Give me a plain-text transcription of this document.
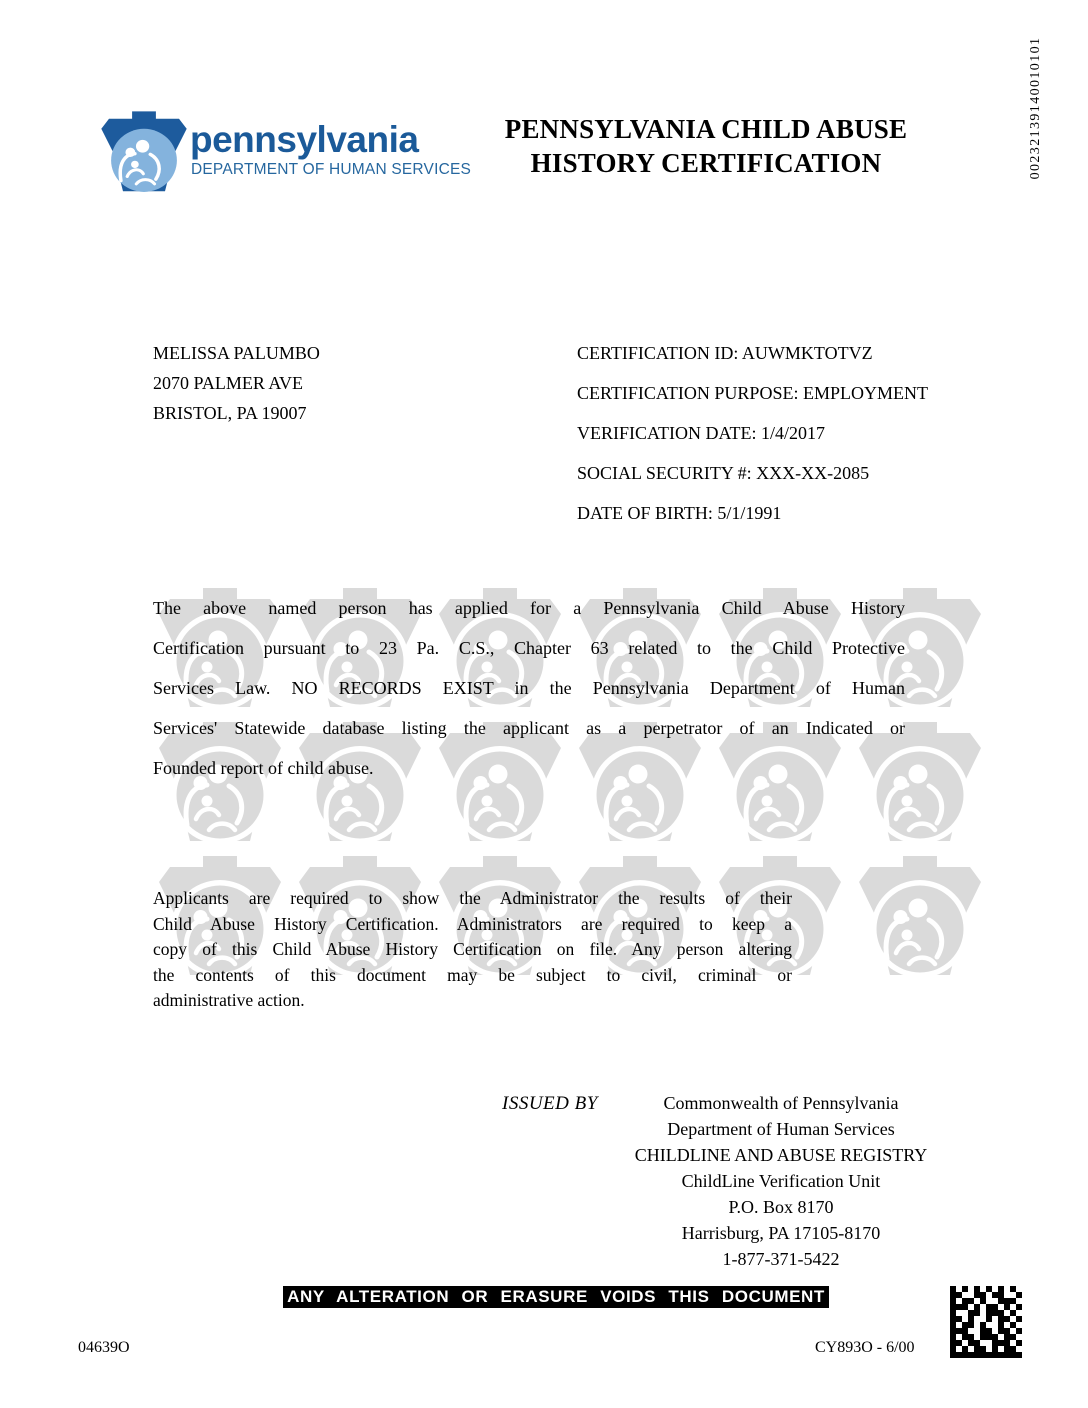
00232139140010101
pennsylvania
DEPARTMENT OF HUMAN SERVICES
PENNSYLVANIA CHILD ABUSE
HISTORY CERTIFICATION
MELISSA PALUMBO
2070 PALMER AVE
BRISTOL, PA 19007
CERTIFICATION ID: AUWMKTOTVZ
CERTIFICATION PURPOSE: EMPLOYMENT
VERIFICATION DATE: 1/4/2017
SOCIAL SECURITY #: XXX-XX-2085
DATE OF BIRTH: 5/1/1991
The above named person has applied for a Pennsylvania Child Abuse History
Certification pursuant to 23 Pa. C.S., Chapter 63 related to the Child Protective
Services Law. NO RECORDS EXIST in the Pennsylvania Department of Human
Services' Statewide database listing the applicant as a perpetrator of an Indicated or
Founded report of child abuse.
Applicants are required to show the Administrator the results of their
Child Abuse History Certification. Administrators are required to keep a
copy of this Child Abuse History Certification on file. Any person altering
the contents of this document may be subject to civil, criminal or
administrative action.
ISSUED BY	Commonwealth of Pennsylvania
Department of Human Services
CHILDLINE AND ABUSE REGISTRY
ChildLine Verification Unit
P.O. Box 8170
Harrisburg, PA 17105-8170
1-877-371-5422
ANY ALTERATION OR ERASURE VOIDS THIS DOCUMENT
04639O	CY893O - 6/00
